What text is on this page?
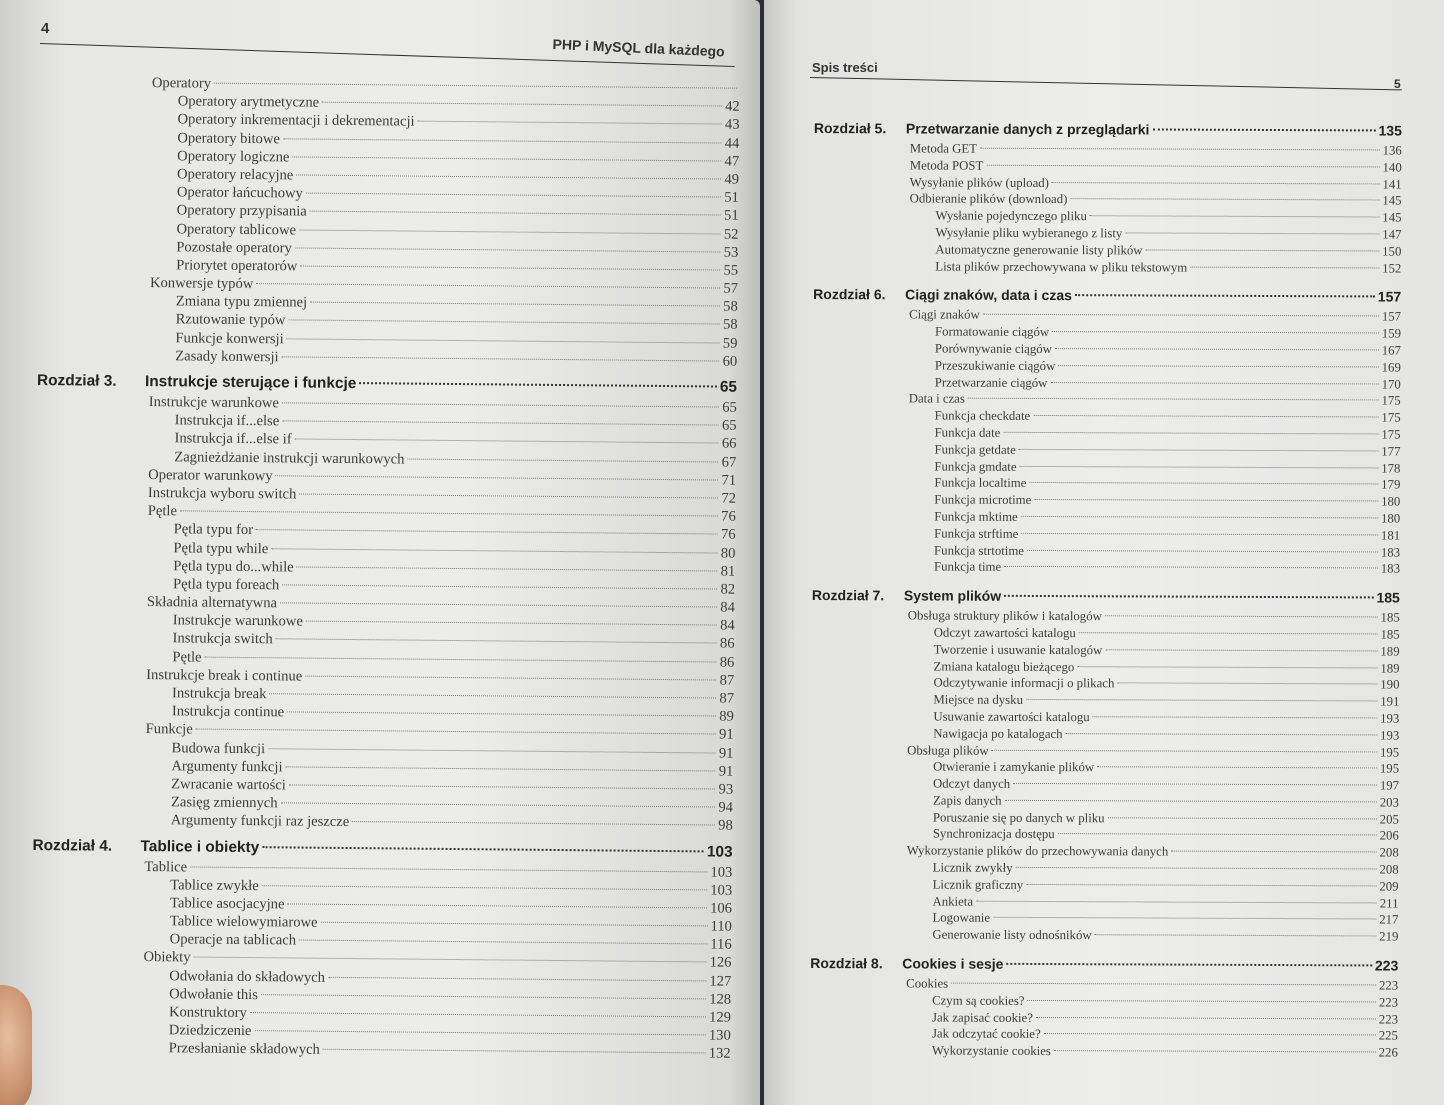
4
PHP i MySQL dla każdego
Operatory
Operatory arytmetyczne	42
Operatory inkrementacji i dekrementacji	43
Operatory bitowe	44
Operatory logiczne	47
Operatory relacyjne	49
Operator łańcuchowy	51
Operatory przypisania	51
Operatory tablicowe	52
Pozostałe operatory	53
Priorytet operatorów	55
Konwersje typów	57
Zmiana typu zmiennej	58
Rzutowanie typów	58
Funkcje konwersji	59
Zasady konwersji	60
Rozdział 3.	Instrukcje sterujące i funkcje	65
Instrukcje warunkowe	65
Instrukcja if...else	65
Instrukcja if...else if	66
Zagnieżdżanie instrukcji warunkowych	67
Operator warunkowy	71
Instrukcja wyboru switch	72
Pętle	76
Pętla typu for	76
Pętla typu while	80
Pętla typu do...while	81
Pętla typu foreach	82
Składnia alternatywna	84
Instrukcje warunkowe	84
Instrukcja switch	86
Pętle	86
Instrukcje break i continue	87
Instrukcja break	87
Instrukcja continue	89
Funkcje	91
Budowa funkcji	91
Argumenty funkcji	91
Zwracanie wartości	93
Zasięg zmiennych	94
Argumenty funkcji raz jeszcze	98
Rozdział 4.	Tablice i obiekty	103
Tablice	103
Tablice zwykłe	103
Tablice asocjacyjne	106
Tablice wielowymiarowe	110
Operacje na tablicach	116
Obiekty	126
Odwołania do składowych	127
Odwołanie this	128
Konstruktory	129
Dziedziczenie	130
Przesłanianie składowych	132
Spis treści
5
Rozdział 5.	Przetwarzanie danych z przeglądarki	135
Metoda GET	136
Metoda POST	140
Wysyłanie plików (upload)	141
Odbieranie plików (download)	145
Wysłanie pojedynczego pliku	145
Wysyłanie pliku wybieranego z listy	147
Automatyczne generowanie listy plików	150
Lista plików przechowywana w pliku tekstowym	152
Rozdział 6.	Ciągi znaków, data i czas	157
Ciągi znaków	157
Formatowanie ciągów	159
Porównywanie ciągów	167
Przeszukiwanie ciągów	169
Przetwarzanie ciągów	170
Data i czas	175
Funkcja checkdate	175
Funkcja date	175
Funkcja getdate	177
Funkcja gmdate	178
Funkcja localtime	179
Funkcja microtime	180
Funkcja mktime	180
Funkcja strftime	181
Funkcja strtotime	183
Funkcja time	183
Rozdział 7.	System plików	185
Obsługa struktury plików i katalogów	185
Odczyt zawartości katalogu	185
Tworzenie i usuwanie katalogów	189
Zmiana katalogu bieżącego	189
Odczytywanie informacji o plikach	190
Miejsce na dysku	191
Usuwanie zawartości katalogu	193
Nawigacja po katalogach	193
Obsługa plików	195
Otwieranie i zamykanie plików	195
Odczyt danych	197
Zapis danych	203
Poruszanie się po danych w pliku	205
Synchronizacja dostępu	206
Wykorzystanie plików do przechowywania danych	208
Licznik zwykły	208
Licznik graficzny	209
Ankieta	211
Logowanie	217
Generowanie listy odnośników	219
Rozdział 8.	Cookies i sesje	223
Cookies	223
Czym są cookies?	223
Jak zapisać cookie?	223
Jak odczytać cookie?	225
Wykorzystanie cookies	226
